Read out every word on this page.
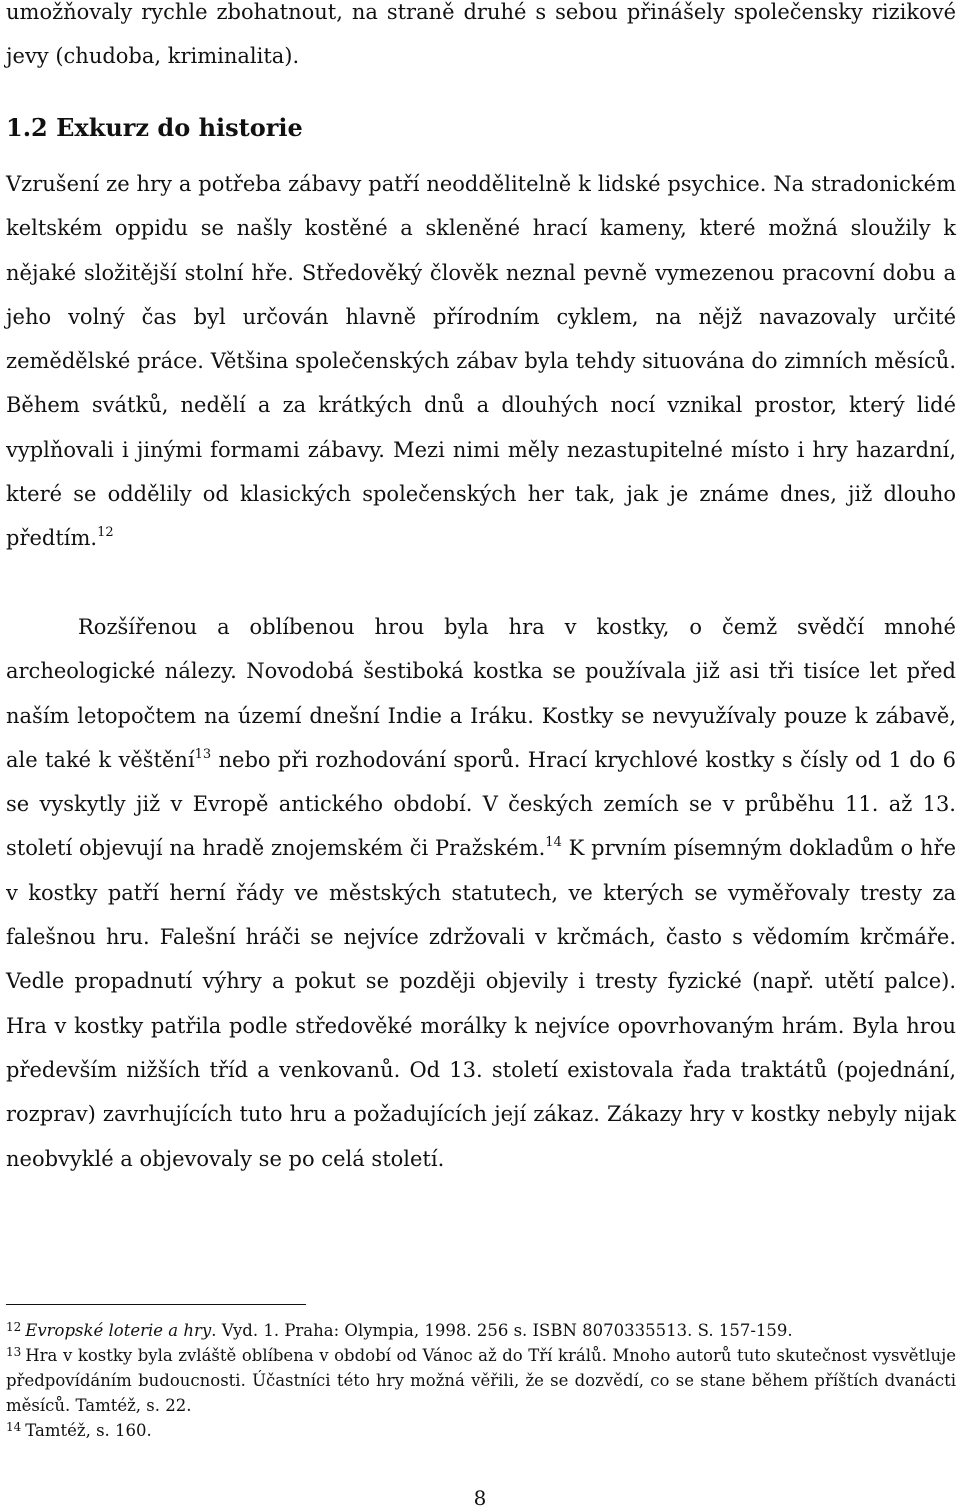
umožňovaly rychle zbohatnout, na straně druhé s sebou přinášely společensky rizikové jevy (chudoba, kriminalita).

1.2 Exkurz do historie

Vzrušení ze hry a potřeba zábavy patří neoddělitelně k lidské psychice. Na stradonickém keltském oppidu se našly kostěné a skleněné hrací kameny, které možná sloužily k nějaké složitější stolní hře. Středověký člověk neznal pevně vymezenou pracovní dobu a jeho volný čas byl určován hlavně přírodním cyklem, na nějž navazovaly určité zemědělské práce. Většina společenských zábav byla tehdy situována do zimních měsíců. Během svátků, nedělí a za krátkých dnů a dlouhých nocí vznikal prostor, který lidé vyplňovali i jinými formami zábavy. Mezi nimi měly nezastupitelné místo i hry hazardní, které se oddělily od klasických společenských her tak, jak je známe dnes, již dlouho předtím.$^{12}$

Rozšířenou a oblíbenou hrou byla hra v kostky, o čemž svědčí mnohé archeologické nálezy. Novodobá šestiboká kostka se používala již asi tři tisíce let před naším letopočtem na území dnešní Indie a Iráku. Kostky se nevyužívaly pouze k zábavě, ale také k věštění$^{13}$ nebo při rozhodování sporů. Hrací krychlové kostky s čísly od 1 do 6 se vyskytly již v Evropě antického období. V českých zemích se v průběhu 11. až 13. století objevují na hradě znojemském či Pražském.$^{14}$ K prvním písemným dokladům o hře v kostky patří herní řády ve městských statutech, ve kterých se vyměřovaly tresty za falešnou hru. Falešní hráči se nejvíce zdržovali v krčmách, často s vědomím krčmáře. Vedle propadnutí výhry a pokut se později objevily i tresty fyzické (např. utětí palce). Hra v kostky patřila podle středověké morálky k nejvíce opovrhovaným hrám. Byla hrou především nižších tříd a venkovanů. Od 13. století existovala řada traktátů (pojednání, rozprav) zavrhujících tuto hru a požadujících její zákaz. Zákazy hry v kostky nebyly nijak neobvyklé a objevovaly se po celá století.

$^{12}$ Evropské loterie a hry. Vyd. 1. Praha: Olympia, 1998. 256 s. ISBN 8070335513. S. 157-159.

$^{13}$ Hra v kostky byla zvláště oblíbena v období od Vánoc až do Tří králů. Mnoho autorů tuto skutečnost vysvětluje předpovídáním budoucnosti. Účastníci této hry možná věřili, že se dozvědí, co se stane během příštích dvanácti měsíců. Tamtéž, s. 22.

$^{14}$ Tamtéž, s. 160.

8
